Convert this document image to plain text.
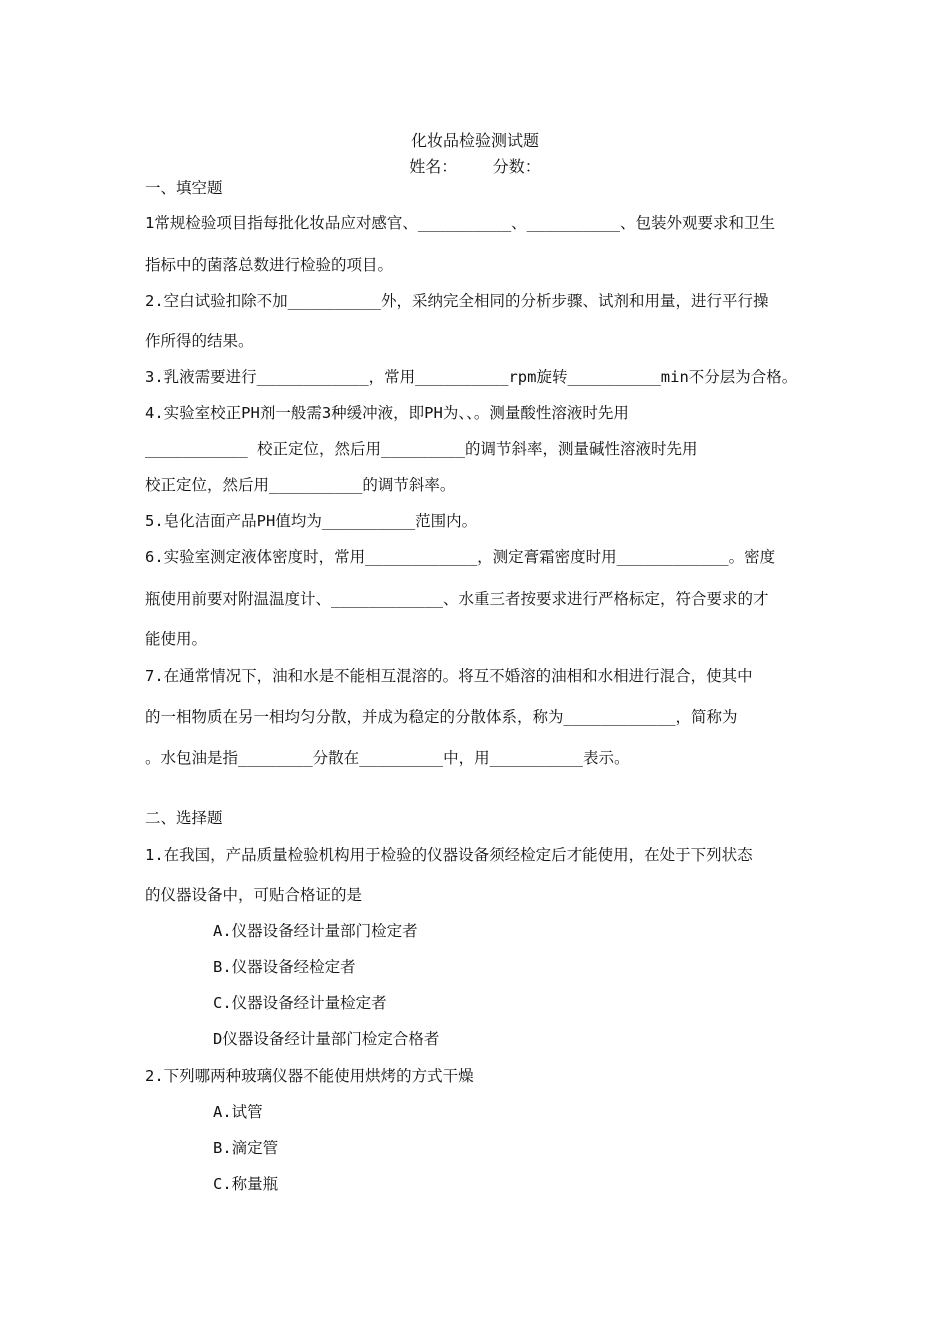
化妆品检验测试题
姓名：       分数：
一、填空题
1常规检验项目指每批化妆品应对感官、__________、__________、包装外观要求和卫生
指标中的菌落总数进行检验的项目。
2.空白试验扣除不加__________外，采纳完全相同的分析步骤、试剂和用量，进行平行操
作所得的结果。
3.乳液需要进行____________，常用__________rpm旋转__________min不分层为合格。
4.实验室校正PH剂一般需3种缓冲液，即PH为、、。测量酸性溶液时先用
___________ 校正定位，然后用_________的调节斜率，测量碱性溶液时先用
校正定位，然后用__________的调节斜率。
5.皂化洁面产品PH值均为__________范围内。
6.实验室测定液体密度时，常用____________，测定膏霜密度时用____________。密度
瓶使用前要对附温温度计、____________、水重三者按要求进行严格标定，符合要求的才
能使用。
7.在通常情况下，油和水是不能相互混溶的。将互不婚溶的油相和水相进行混合，使其中
的一相物质在另一相均匀分散，并成为稳定的分散体系，称为____________，简称为
。水包油是指________分散在_________中，用__________表示。
二、选择题
1.在我国，产品质量检验机构用于检验的仪器设备须经检定后才能使用，在处于下列状态
的仪器设备中，可贴合格证的是
A.仪器设备经计量部门检定者
B.仪器设备经检定者
C.仪器设备经计量检定者
D仪器设备经计量部门检定合格者
2.下列哪两种玻璃仪器不能使用烘烤的方式干燥
A.试管
B.滴定管
C.称量瓶
